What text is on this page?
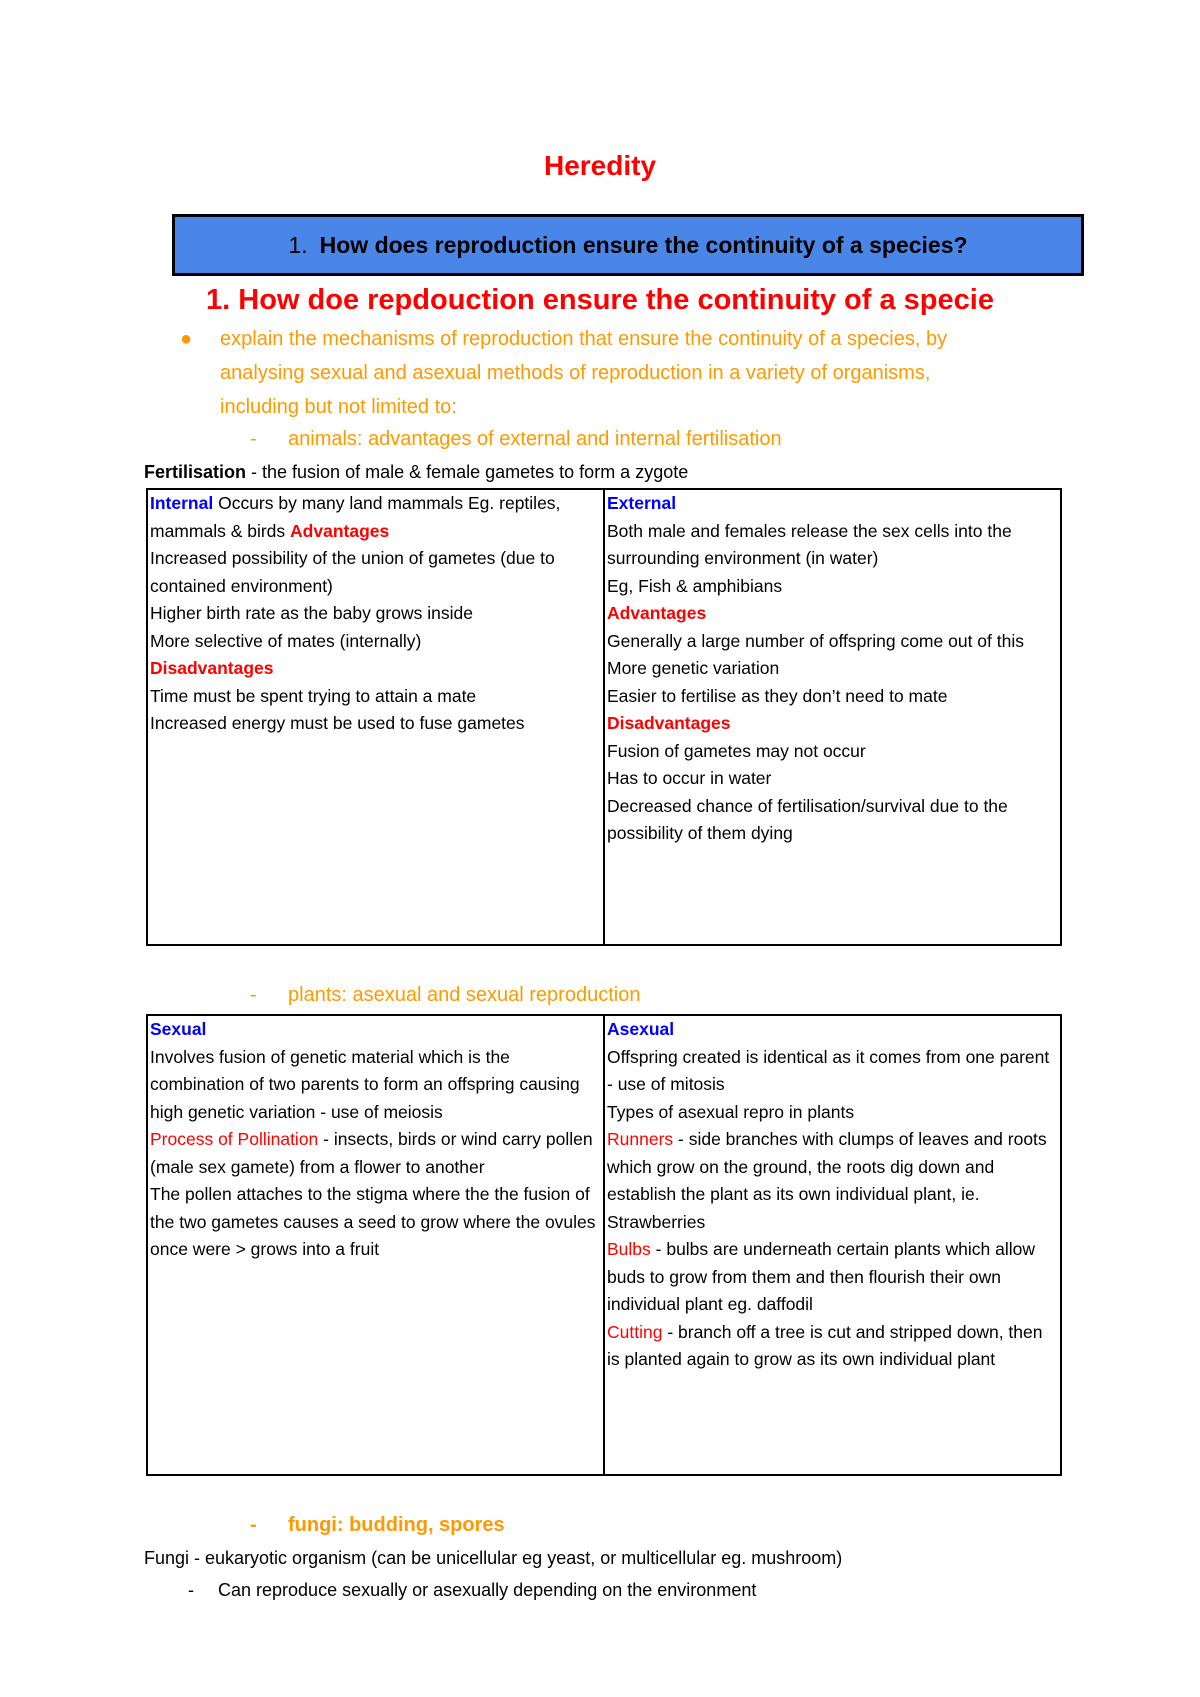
Heredity
1. How does reproduction ensure the continuity of a species?
1. How doe repdouction ensure the continuity of a specie
● explain the mechanisms of reproduction that ensure the continuity of a species, by
analysing sexual and asexual methods of reproduction in a variety of organisms,
including but not limited to:
- animals: advantages of external and internal fertilisation
Fertilisation - the fusion of male & female gametes to form a zygote
Internal Occurs by many land mammals Eg. reptiles, mammals & birds Advantages
Increased possibility of the union of gametes (due to contained environment)
Higher birth rate as the baby grows inside
More selective of mates (internally)
Disadvantages
Time must be spent trying to attain a mate
Increased energy must be used to fuse gametes

External
Both male and females release the sex cells into the surrounding environment (in water)
Eg, Fish & amphibians
Advantages
Generally a large number of offspring come out of this
More genetic variation
Easier to fertilise as they don’t need to mate
Disadvantages
Fusion of gametes may not occur
Has to occur in water
Decreased chance of fertilisation/survival due to the possibility of them dying
- plants: asexual and sexual reproduction
Sexual
Involves fusion of genetic material which is the combination of two parents to form an offspring causing high genetic variation - use of meiosis
Process of Pollination - insects, birds or wind carry pollen (male sex gamete) from a flower to another
The pollen attaches to the stigma where the the fusion of the two gametes causes a seed to grow where the ovules once were > grows into a fruit

Asexual
Offspring created is identical as it comes from one parent - use of mitosis
Types of asexual repro in plants
Runners - side branches with clumps of leaves and roots which grow on the ground, the roots dig down and establish the plant as its own individual plant, ie. Strawberries
Bulbs - bulbs are underneath certain plants which allow buds to grow from them and then flourish their own individual plant eg. daffodil
Cutting - branch off a tree is cut and stripped down, then is planted again to grow as its own individual plant
- fungi: budding, spores
Fungi - eukaryotic organism (can be unicellular eg yeast, or multicellular eg. mushroom)
- Can reproduce sexually or asexually depending on the environment
